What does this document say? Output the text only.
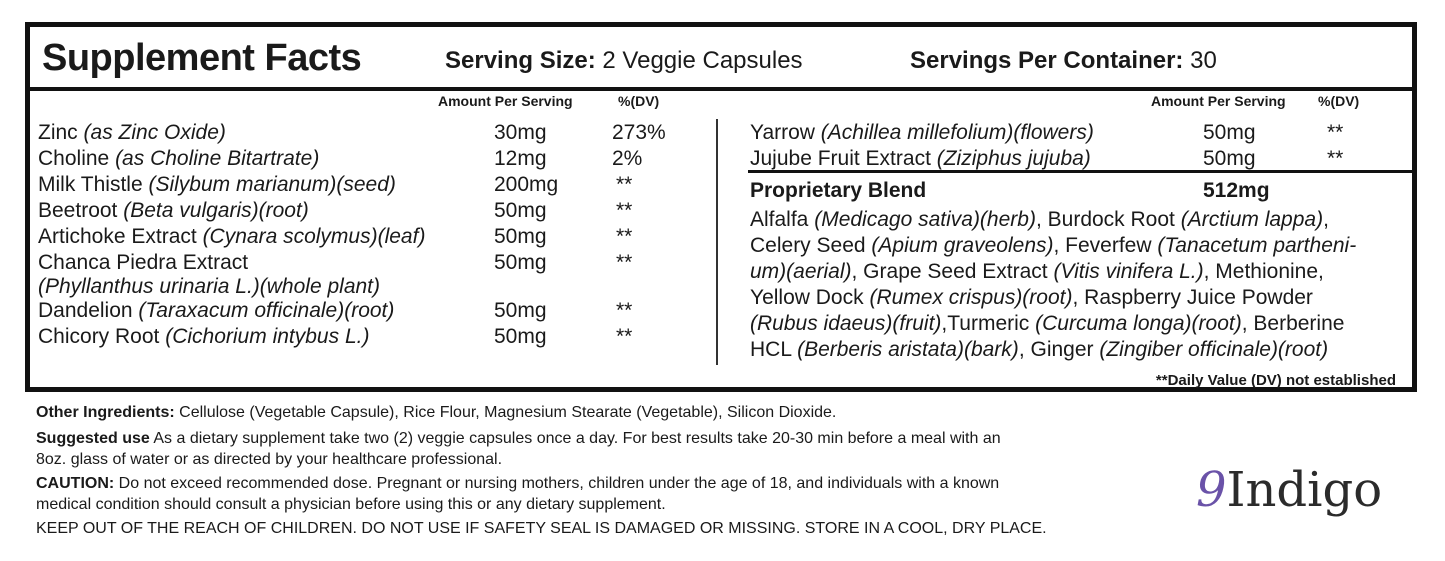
Supplement Facts	Serving Size: 2 Veggie Capsules	Servings Per Container: 30
Amount Per Serving	%(DV)	Amount Per Serving %(DV)
Zinc (as Zinc Oxide)	30mg	273%
Choline (as Choline Bitartrate)	12mg	2%
Milk Thistle (Silybum marianum)(seed)	200mg	**
Beetroot (Beta vulgaris)(root)	50mg	**
Artichoke Extract (Cynara scolymus)(leaf)	50mg	**
Chanca Piedra Extract
(Phyllanthus urinaria L.)(whole plant)
50mg	**
Dandelion (Taraxacum officinale)(root)	50mg	**
Chicory Root (Cichorium intybus L.)	50mg	**
Yarrow (Achillea millefolium)(flowers)	50mg	**
Jujube Fruit Extract (Ziziphus jujuba)	50mg	**
Proprietary Blend	512mg
Alfalfa (Medicago sativa)(herb), Burdock Root (Arctium lappa),
Celery Seed (Apium graveolens), Feverfew (Tanacetum partheni-
um)(aerial), Grape Seed Extract (Vitis vinifera L.), Methionine,
Yellow Dock (Rumex crispus)(root), Raspberry Juice Powder
(Rubus idaeus)(fruit),Turmeric (Curcuma longa)(root), Berberine
HCL (Berberis aristata)(bark), Ginger (Zingiber officinale)(root)
**Daily Value (DV) not established
Other Ingredients: Cellulose (Vegetable Capsule), Rice Flour, Magnesium Stearate (Vegetable), Silicon Dioxide.
Suggested use As a dietary supplement take two (2) veggie capsules once a day. For best results take 20-30 min before a meal with an
8oz. glass of water or as directed by your healthcare professional.
CAUTION: Do not exceed recommended dose. Pregnant or nursing mothers, children under the age of 18, and individuals with a known
medical condition should consult a physician before using this or any dietary supplement.
KEEP OUT OF THE REACH OF CHILDREN. DO NOT USE IF SAFETY SEAL IS DAMAGED OR MISSING. STORE IN A COOL, DRY PLACE.
9Indigo
